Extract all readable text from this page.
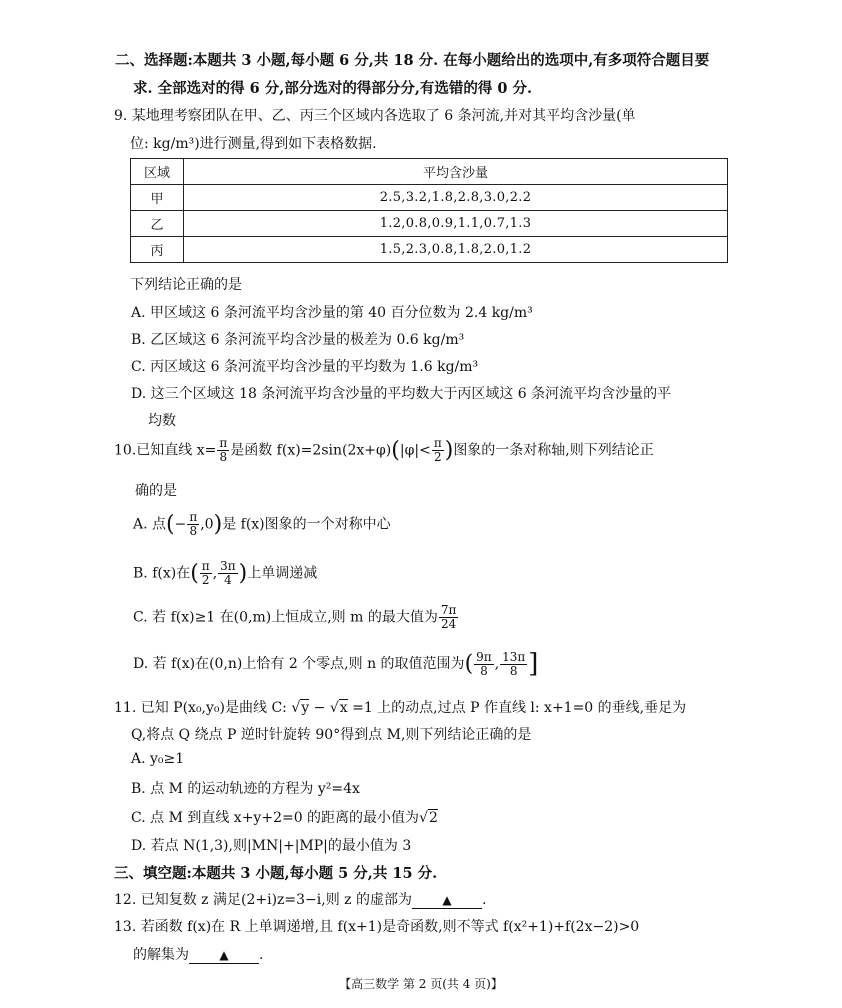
二、选择题:本题共 3 小题,每小题 6 分,共 18 分. 在每小题给出的选项中,有多项符合题目要
求. 全部选对的得 6 分,部分选对的得部分分,有选错的得 0 分.
9. 某地理考察团队在甲、乙、丙三个区域内各选取了 6 条河流,并对其平均含沙量(单
位: kg/m³)进行测量,得到如下表格数据.
区域	平均含沙量
甲	2.5,3.2,1.8,2.8,3.0,2.2
乙	1.2,0.8,0.9,1.1,0.7,1.3
丙	1.5,2.3,0.8,1.8,2.0,1.2
下列结论正确的是
A. 甲区域这 6 条河流平均含沙量的第 40 百分位数为 2.4 kg/m³
B. 乙区域这 6 条河流平均含沙量的极差为 0.6 kg/m³
C. 丙区域这 6 条河流平均含沙量的平均数为 1.6 kg/m³
D. 这三个区域这 18 条河流平均含沙量的平均数大于丙区域这 6 条河流平均含沙量的平
均数
10.已知直线 $x= \frac{\pi}{8}$ 是函数 $f(x)=2\sin(2x+\varphi)(|\varphi|< \frac{\pi}{2}$ )图象的一条对称轴,则下列结论正
确的是
A. 点(− $\frac{\pi}{8} ,0$)是 f(x)图象的一个对称中心
B. f(x)在( $\frac{\pi}{2}$ , $\frac{3\pi}{4}$ )上单调递减
C. 若 f(x)≥1 在(0,m)上恒成立,则 m 的最大值为 $\frac{7\pi}{24}$
D. 若 f(x)在(0,n)上恰有 2 个零点,则 n 的取值范围为( $\frac{9\pi}{8}$ , $\frac{13\pi}{8}$ ]
11. 已知 P(x₀,y₀)是曲线 C: √y − √x =1 上的动点,过点 P 作直线 l: x+1=0 的垂线,垂足为
Q,将点 Q 绕点 P 逆时针旋转 90°得到点 M,则下列结论正确的是
A. y₀≥1
B. 点 M 的运动轨迹的方程为 y²=4x
C. 点 M 到直线 x+y+2=0 的距离的最小值为√2
D. 若点 N(1,3),则|MN|+|MP|的最小值为 3
三、填空题:本题共 3 小题,每小题 5 分,共 15 分.
12. 已知复数 z 满足(2+i)z=3−i,则 z 的虚部为	▲ .
13. 若函数 f(x)在 R 上单调递增,且 f(x+1)是奇函数,则不等式 f(x²+1)+f(2x−2)>0
的解集为	▲ .
【高三数学 第 2 页(共 4 页)】
